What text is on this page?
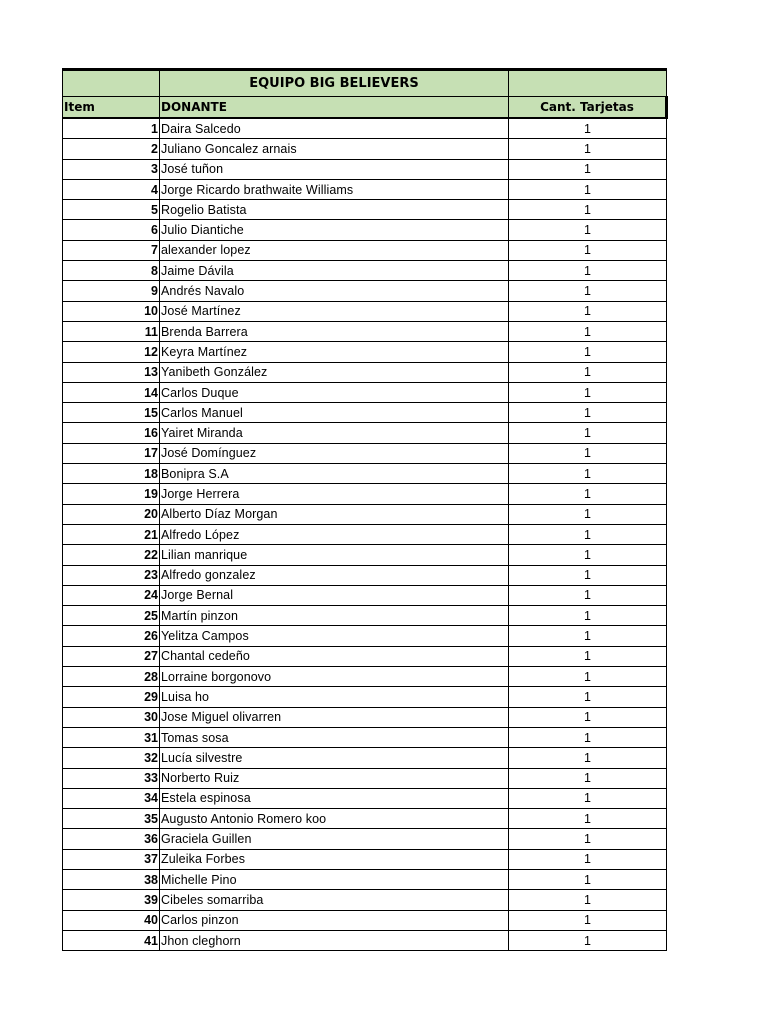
	EQUIPO BIG BELIEVERS	
Item	DONANTE	Cant. Tarjetas
1	Daira Salcedo	1
2	Juliano Goncalez arnais	1
3	José tuñon	1
4	Jorge Ricardo brathwaite Williams	1
5	Rogelio Batista	1
6	Julio Diantiche	1
7	alexander lopez	1
8	Jaime Dávila	1
9	Andrés Navalo	1
10	José Martínez	1
11	Brenda Barrera	1
12	Keyra Martínez	1
13	Yanibeth González	1
14	Carlos Duque	1
15	Carlos Manuel	1
16	Yairet Miranda	1
17	José Domínguez	1
18	Bonipra S.A	1
19	Jorge Herrera	1
20	Alberto Díaz Morgan	1
21	Alfredo López	1
22	Lilian manrique	1
23	Alfredo gonzalez	1
24	Jorge Bernal	1
25	Martín pinzon	1
26	Yelitza Campos	1
27	Chantal cedeño	1
28	Lorraine borgonovo	1
29	Luisa ho	1
30	Jose Miguel olivarren	1
31	Tomas sosa	1
32	Lucía silvestre	1
33	Norberto Ruiz	1
34	Estela espinosa	1
35	Augusto Antonio Romero koo	1
36	Graciela Guillen	1
37	Zuleika Forbes	1
38	Michelle Pino	1
39	Cibeles somarriba	1
40	Carlos pinzon	1
41	Jhon cleghorn	1
